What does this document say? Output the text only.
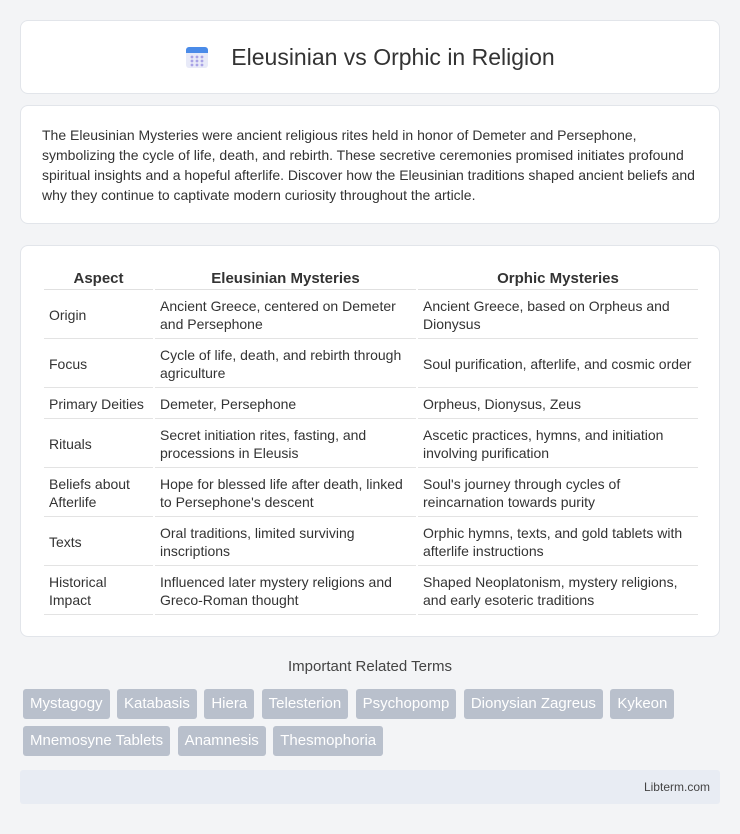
Eleusinian vs Orphic in Religion

The Eleusinian Mysteries were ancient religious rites held in honor of Demeter and Persephone, symbolizing the cycle of life, death, and rebirth. These secretive ceremonies promised initiates profound spiritual insights and a hopeful afterlife. Discover how the Eleusinian traditions shaped ancient beliefs and why they continue to captivate modern curiosity throughout the article.

Aspect	Eleusinian Mysteries	Orphic Mysteries
Origin	Ancient Greece, centered on Demeter and Persephone	Ancient Greece, based on Orpheus and Dionysus
Focus	Cycle of life, death, and rebirth through agriculture	Soul purification, afterlife, and cosmic order
Primary Deities	Demeter, Persephone	Orpheus, Dionysus, Zeus
Rituals	Secret initiation rites, fasting, and processions in Eleusis	Ascetic practices, hymns, and initiation involving purification
Beliefs about Afterlife	Hope for blessed life after death, linked to Persephone's descent	Soul's journey through cycles of reincarnation towards purity
Texts	Oral traditions, limited surviving inscriptions	Orphic hymns, texts, and gold tablets with afterlife instructions
Historical Impact	Influenced later mystery religions and Greco-Roman thought	Shaped Neoplatonism, mystery religions, and early esoteric traditions
Important Related Terms
Mystagogy Katabasis Hiera Telesterion Psychopomp Dionysian Zagreus Kykeon Mnemosyne Tablets Anamnesis Thesmophoria
Libterm.com
